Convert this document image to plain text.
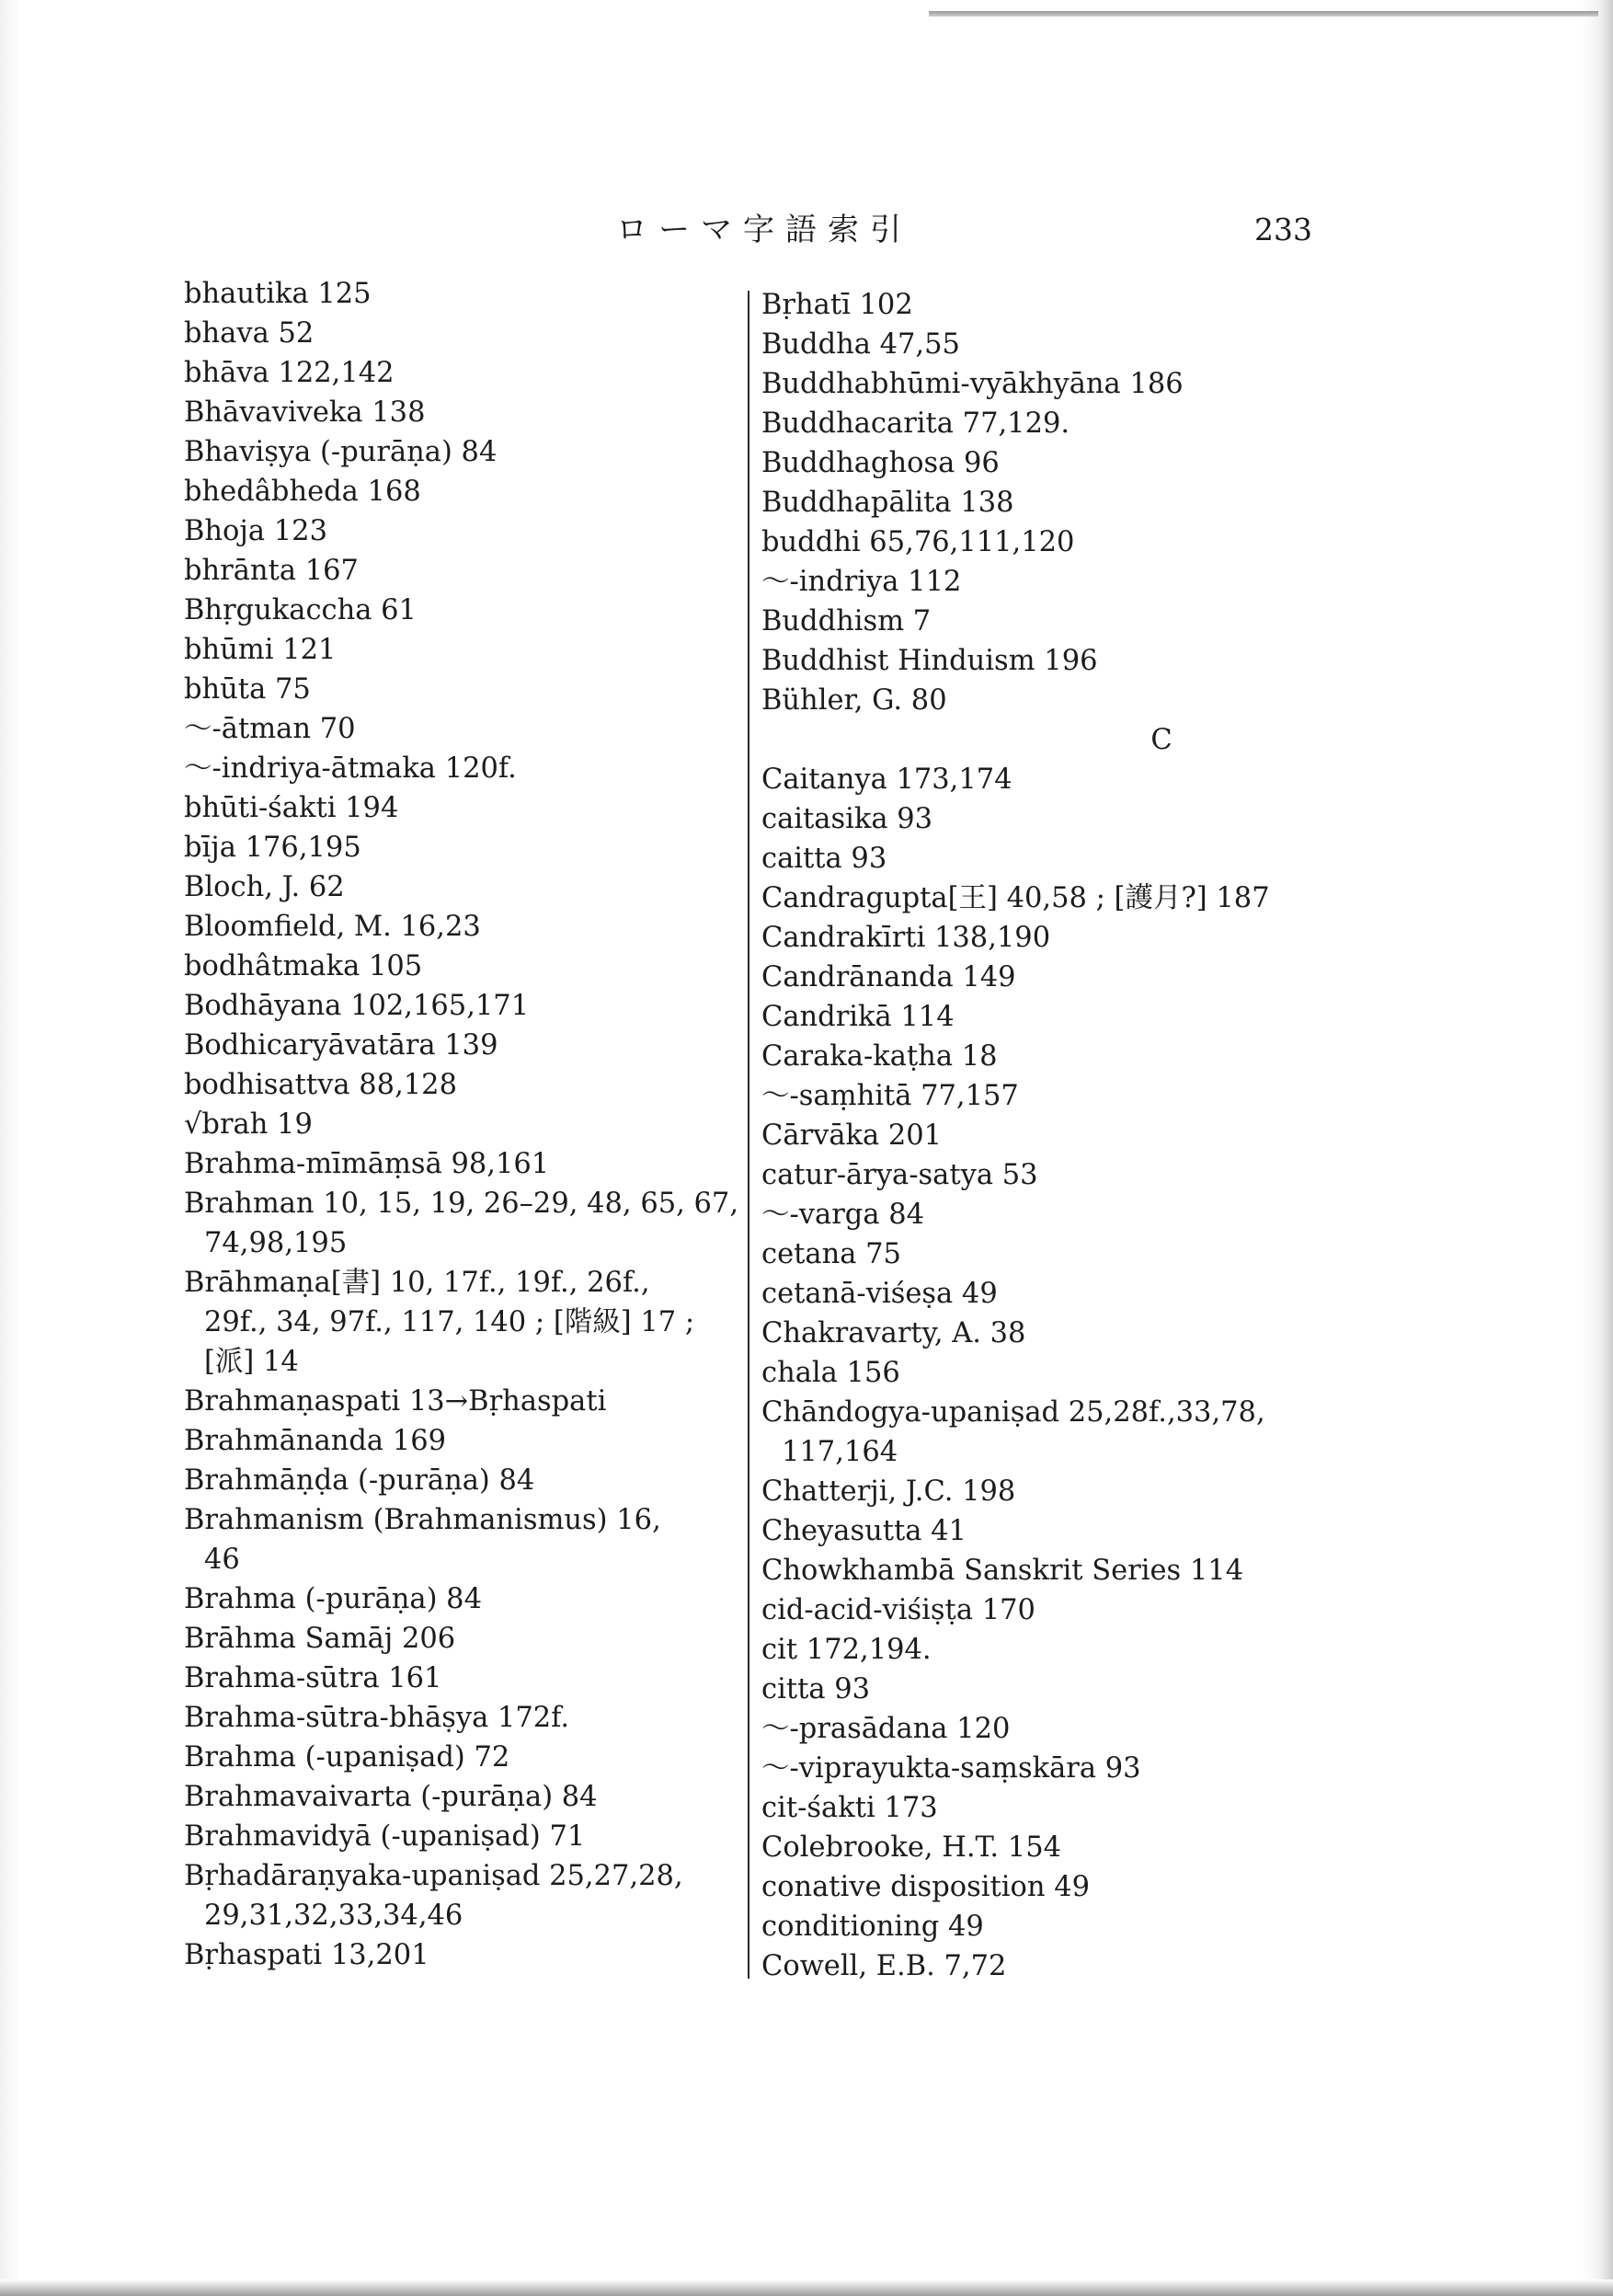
ローマ字語索引	233

bhautika 125

bhava 52

bhāva 122,142

Bhāvaviveka 138

Bhaviṣya (-purāṇa) 84

bhedâbheda 168

Bhoja 123

bhrānta 167

Bhṛgukaccha 61

bhūmi 121

bhūta 75

～-ātman 70

～-indriya-ātmaka 120f.

bhūti-śakti 194

bīja 176,195

Bloch, J. 62

Bloomfield, M. 16,23

bodhâtmaka 105

Bodhāyana 102,165,171

Bodhicaryāvatāra 139

bodhisattva 88,128

√brah 19

Brahma-mīmāṃsā 98,161

Brahman 10, 15, 19, 26–29, 48, 65, 67,

74,98,195

Brāhmaṇa[書] 10, 17f., 19f., 26f.,

29f., 34, 97f., 117, 140 ; [階級] 17 ;

[派] 14

Brahmaṇaspati 13→Bṛhaspati

Brahmānanda 169

Brahmāṇḍa (-purāṇa) 84

Brahmanism (Brahmanismus) 16,

46

Brahma (-purāṇa) 84

Brāhma Samāj 206

Brahma-sūtra 161

Brahma-sūtra-bhāṣya 172f.

Brahma (-upaniṣad) 72

Brahmavaivarta (-purāṇa) 84

Brahmavidyā (-upaniṣad) 71

Bṛhadāraṇyaka-upaniṣad 25,27,28,

29,31,32,33,34,46

Bṛhaspati 13,201

Bṛhatī 102

Buddha 47,55

Buddhabhūmi-vyākhyāna 186

Buddhacarita 77,129.

Buddhaghosa 96

Buddhapālita 138

buddhi 65,76,111,120

～-indriya 112

Buddhism 7

Buddhist Hinduism 196

Bühler, G. 80

C

Caitanya 173,174

caitasika 93

caitta 93

Candragupta[王] 40,58 ; [護月?] 187

Candrakīrti 138,190

Candrānanda 149

Candrikā 114

Caraka-kaṭha 18

～-saṃhitā 77,157

Cārvāka 201

catur-ārya-satya 53

～-varga 84

cetana 75

cetanā-viśeṣa 49

Chakravarty, A. 38

chala 156

Chāndogya-upaniṣad 25,28f.,33,78,

117,164

Chatterji, J.C. 198

Cheyasutta 41

Chowkhambā Sanskrit Series 114

cid-acid-viśiṣṭa 170

cit 172,194.

citta 93

～-prasādana 120

～-viprayukta-saṃskāra 93

cit-śakti 173

Colebrooke, H.T. 154

conative disposition 49

conditioning 49

Cowell, E.B. 7,72
